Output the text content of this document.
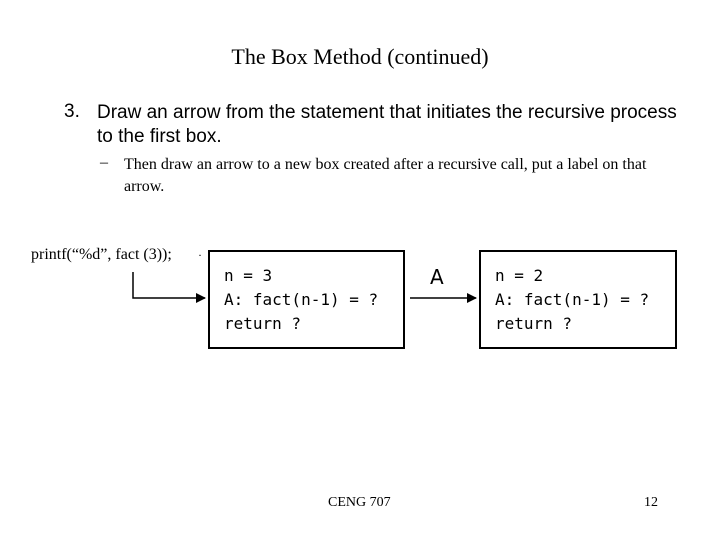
The Box Method (continued)
3. Draw an arrow from the statement that initiates the recursive process to the first box.
– Then draw an arrow to a new box created after a recursive call, put a label on that arrow.
printf(“%d”, fact (3)); ·
n = 3
A: fact(n-1) = ?
return ?
A	n = 2
A: fact(n-1) = ?
return ?
CENG 707	12
